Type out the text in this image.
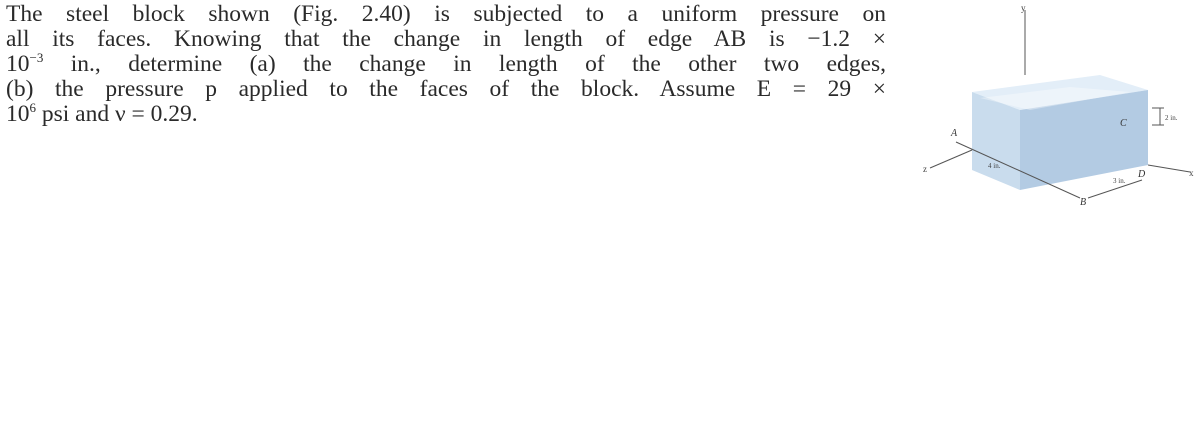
The steel block shown (Fig. 2.40) is subjected to a uniform pressure on
all its faces. Knowing that the change in length of edge AB is −1.2 ×
$10^{-3}$ in., determine (a) the change in length of the other two edges,
(b) the pressure p applied to the faces of the block. Assume E = 29 ×
$10^6$ psi and ν = 0.29.
y
z	x
A
B
C
D
4 in.
3 in.
2 in.
